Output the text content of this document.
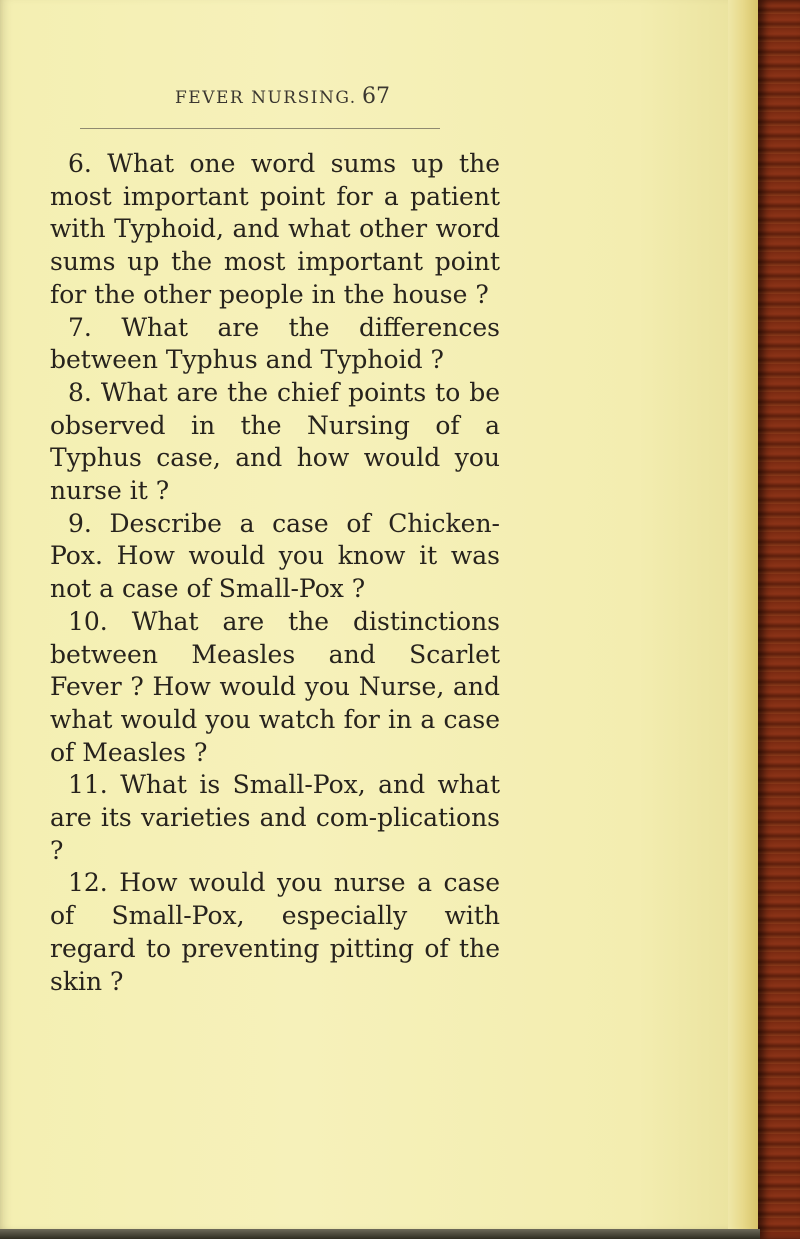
FEVER NURSING. 67

6. What one word sums up the most important point for a patient with Typhoid, and what other word sums up the most important point for the other people in the house ?

7. What are the differences between Typhus and Typhoid ?

8. What are the chief points to be observed in the Nursing of a Typhus case, and how would you nurse it ?

9. Describe a case of Chicken-Pox. How would you know it was not a case of Small-Pox ?

10. What are the distinctions between Measles and Scarlet Fever ? How would you Nurse, and what would you watch for in a case of Measles ?

11. What is Small-Pox, and what are its varieties and com-plications ?

12. How would you nurse a case of Small-Pox, especially with regard to preventing pitting of the skin ?
